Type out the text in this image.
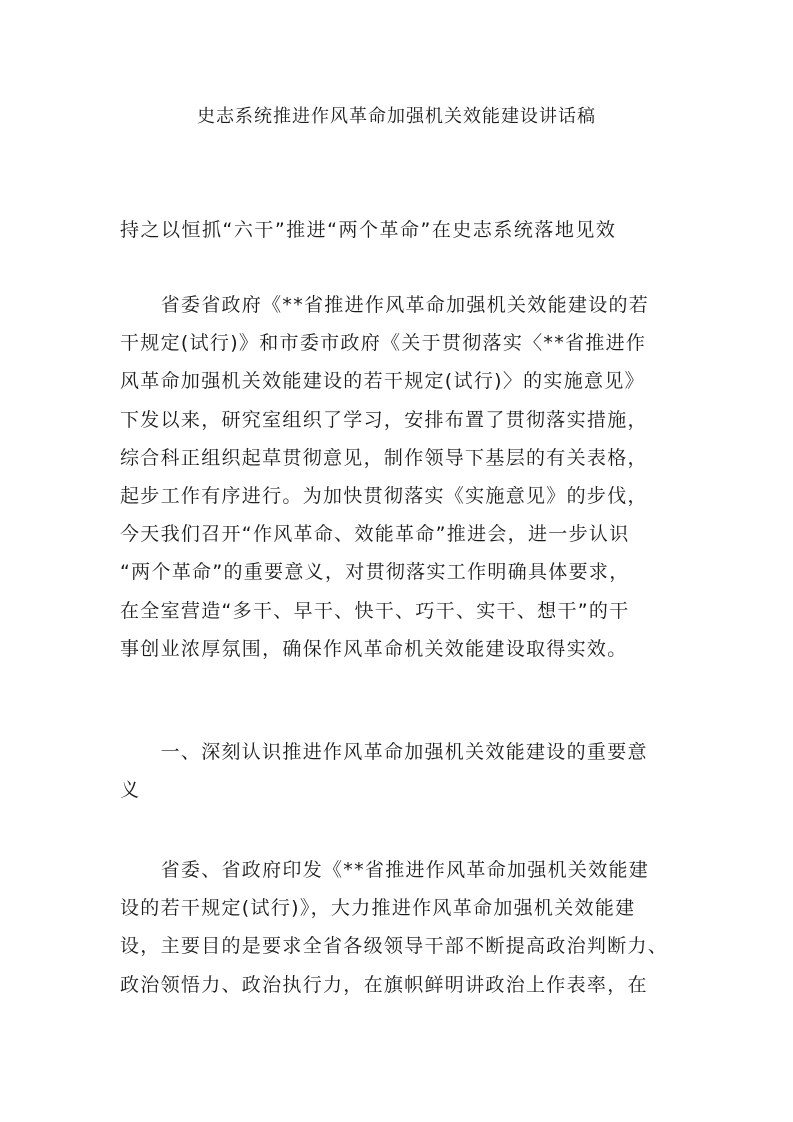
史志系统推进作风革命加强机关效能建设讲话稿
持之以恒抓“六干”推进“两个革命”在史志系统落地见效
　　省委省政府《**省推进作风革命加强机关效能建设的若
干规定(试行)》和市委市政府《关于贯彻落实〈**省推进作
风革命加强机关效能建设的若干规定(试行)〉的实施意见》
下发以来，研究室组织了学习，安排布置了贯彻落实措施，
综合科正组织起草贯彻意见，制作领导下基层的有关表格，
起步工作有序进行。为加快贯彻落实《实施意见》的步伐，
今天我们召开“作风革命、效能革命”推进会，进一步认识
“两个革命”的重要意义，对贯彻落实工作明确具体要求，
在全室营造“多干、早干、快干、巧干、实干、想干”的干
事创业浓厚氛围，确保作风革命机关效能建设取得实效。
　　一、深刻认识推进作风革命加强机关效能建设的重要意
义
　　省委、省政府印发《**省推进作风革命加强机关效能建
设的若干规定(试行)》，大力推进作风革命加强机关效能建
设，主要目的是要求全省各级领导干部不断提高政治判断力、
政治领悟力、政治执行力，在旗帜鲜明讲政治上作表率，在
